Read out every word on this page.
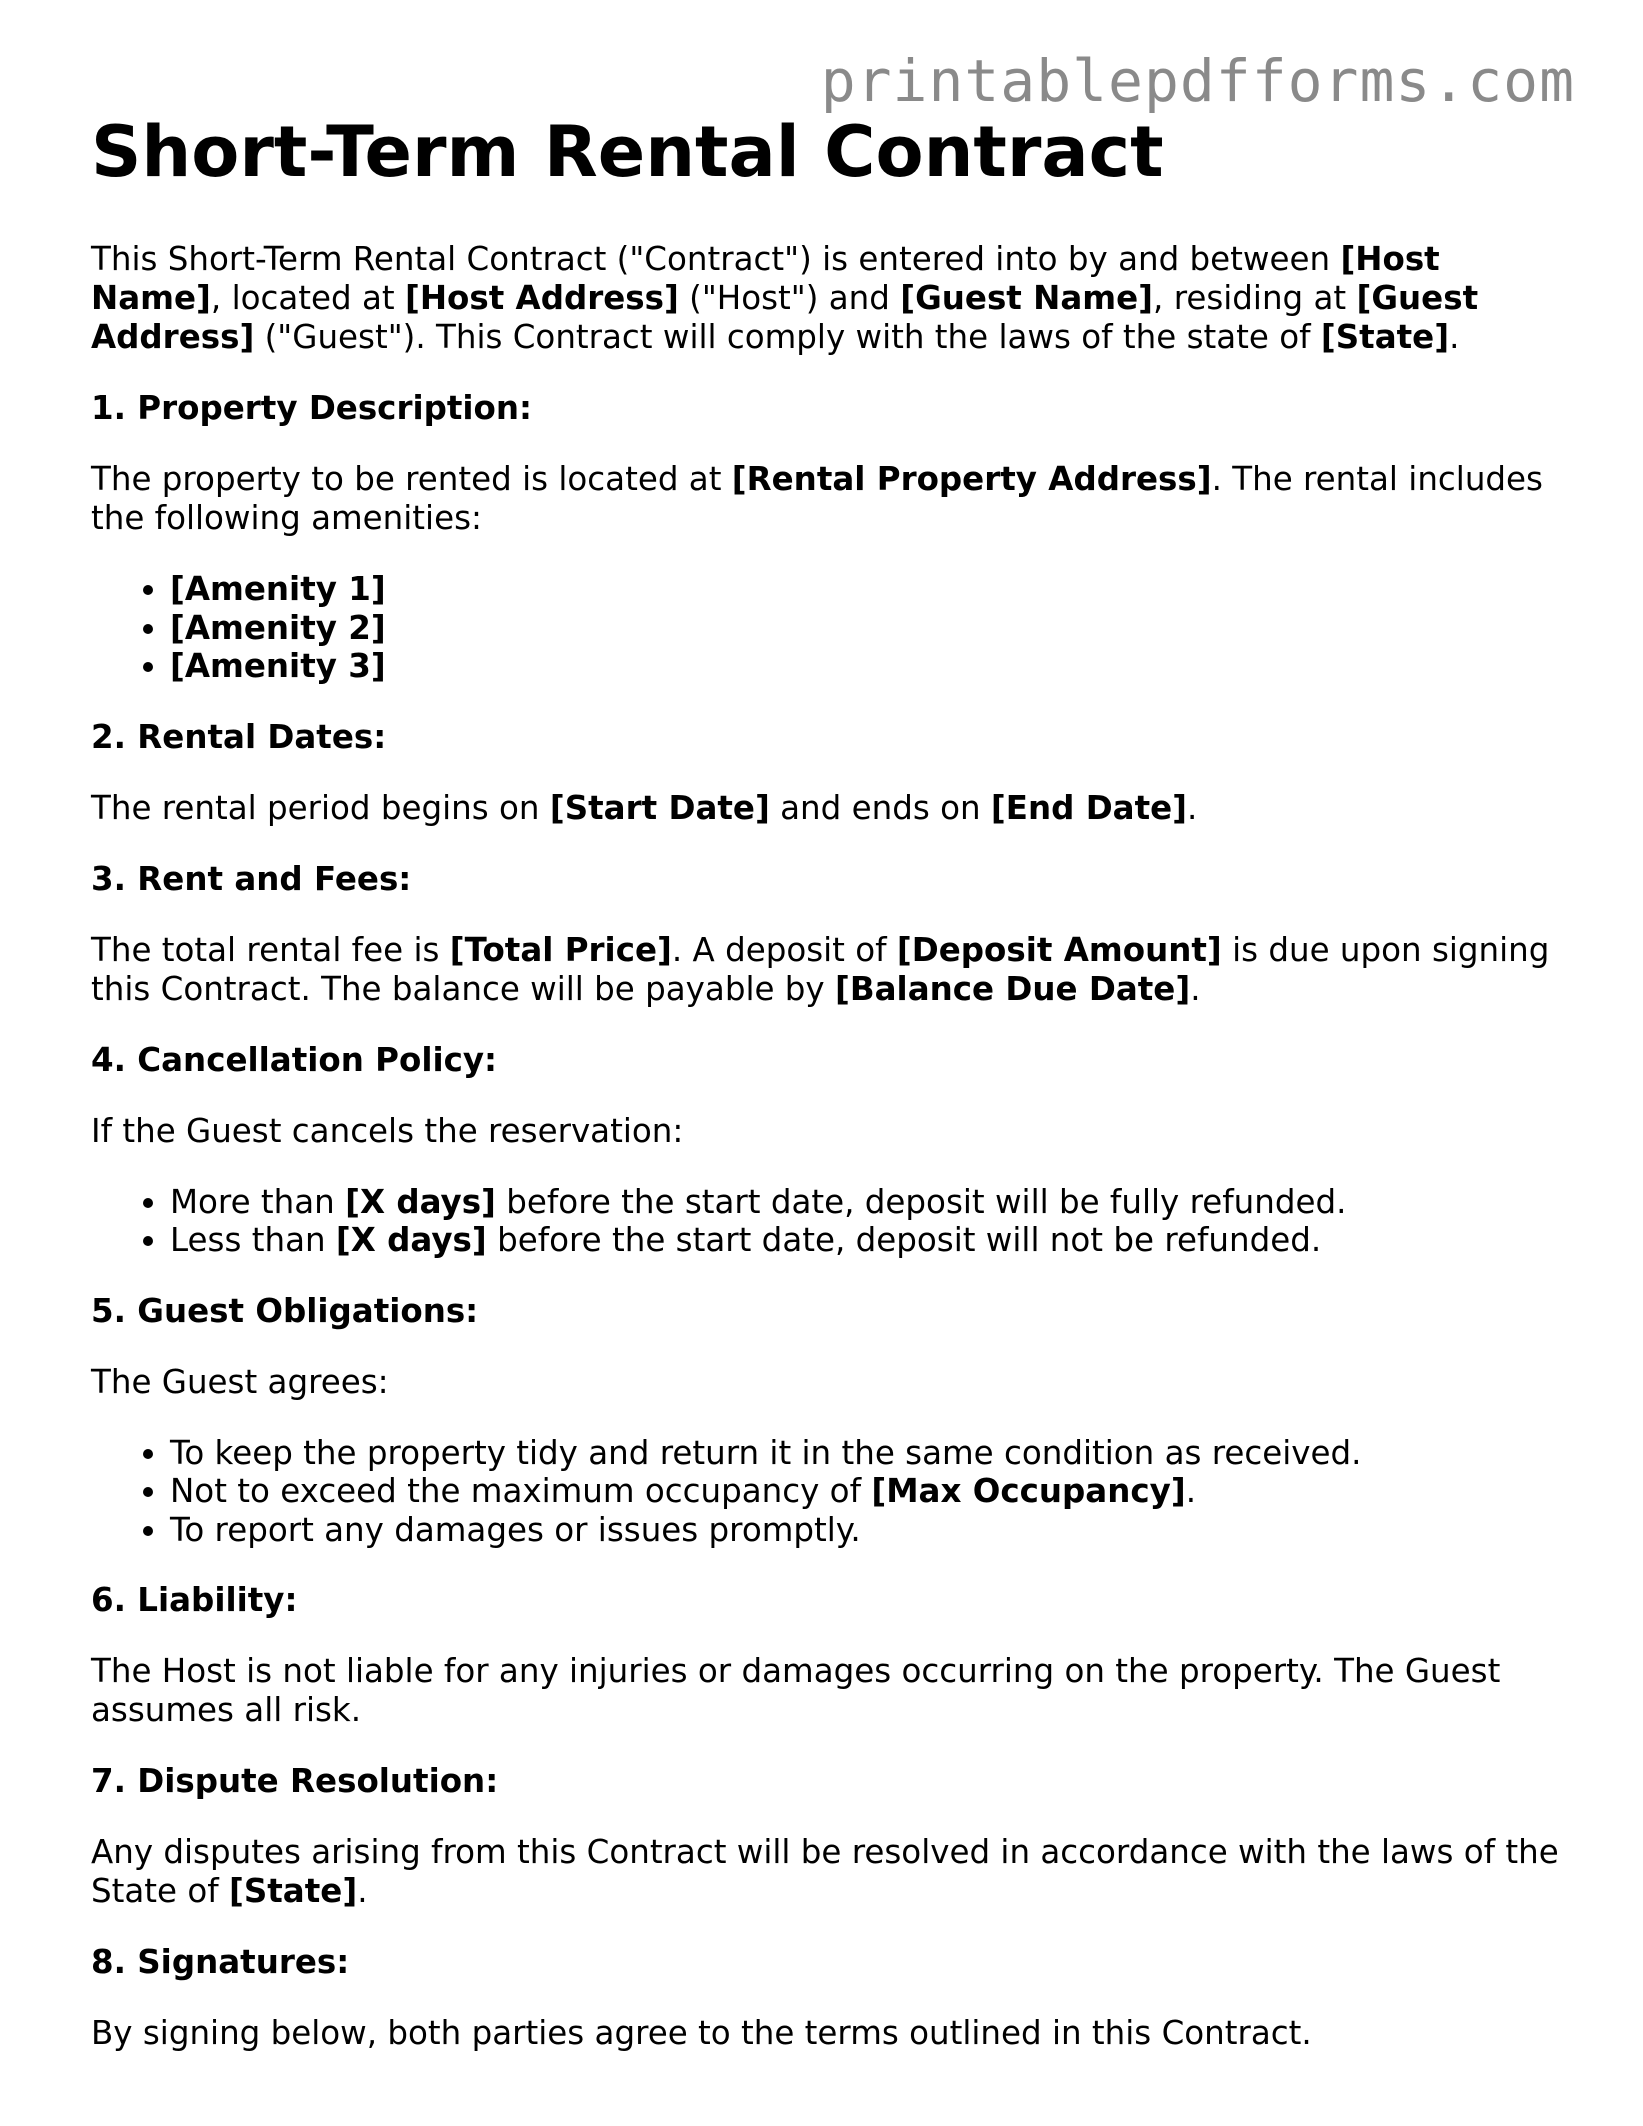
printablepdfforms.com
Short-Term Rental Contract

This Short-Term Rental Contract ("Contract") is entered into by and between [Host Name], located at [Host Address] ("Host") and [Guest Name], residing at [Guest Address] ("Guest"). This Contract will comply with the laws of the state of [State].

1. Property Description:

The property to be rented is located at [Rental Property Address]. The rental includes the following amenities:

• [Amenity 1]
• [Amenity 2]
• [Amenity 3]
2. Rental Dates:

The rental period begins on [Start Date] and ends on [End Date].

3. Rent and Fees:

The total rental fee is [Total Price]. A deposit of [Deposit Amount] is due upon signing this Contract. The balance will be payable by [Balance Due Date].

4. Cancellation Policy:

If the Guest cancels the reservation:

• More than [X days] before the start date, deposit will be fully refunded.
• Less than [X days] before the start date, deposit will not be refunded.
5. Guest Obligations:

The Guest agrees:

• To keep the property tidy and return it in the same condition as received.
• Not to exceed the maximum occupancy of [Max Occupancy].
• To report any damages or issues promptly.
6. Liability:

The Host is not liable for any injuries or damages occurring on the property. The Guest assumes all risk.

7. Dispute Resolution:

Any disputes arising from this Contract will be resolved in accordance with the laws of the State of [State].

8. Signatures:

By signing below, both parties agree to the terms outlined in this Contract.
